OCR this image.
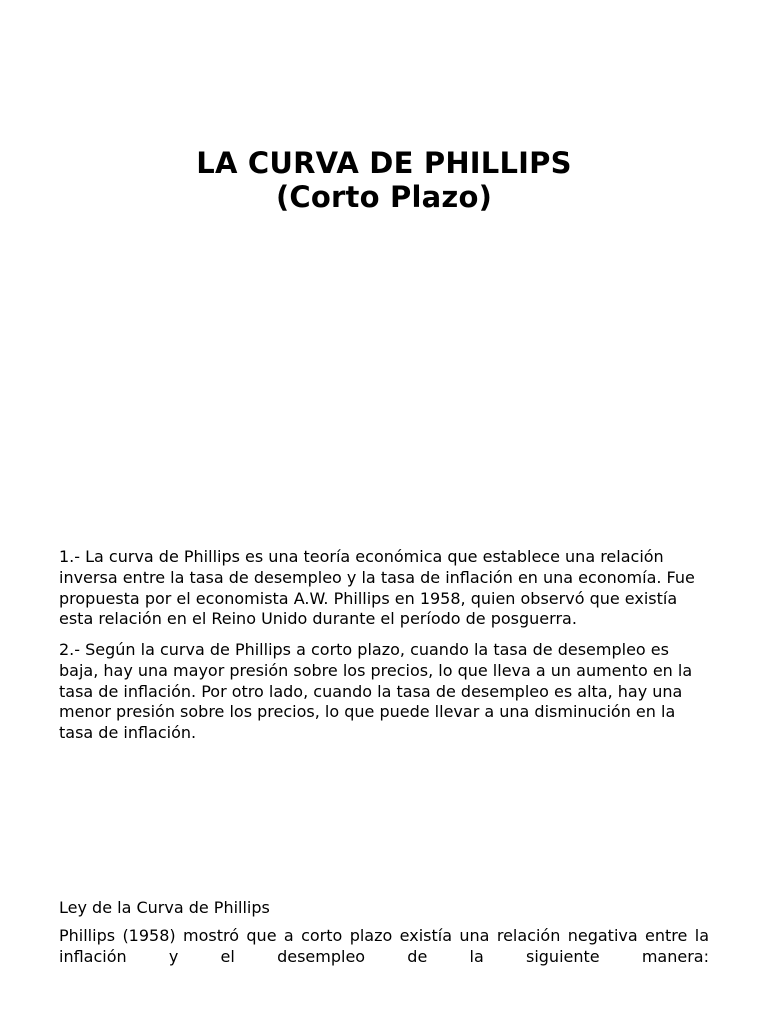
LA CURVA DE PHILLIPS
(Corto Plazo)

1.- La curva de Phillips es una teoría económica que establece una relación inversa entre la tasa de desempleo y la tasa de inflación en una economía. Fue propuesta por el economista A.W. Phillips en 1958, quien observó que existía esta relación en el Reino Unido durante el período de posguerra.

2.- Según la curva de Phillips a corto plazo, cuando la tasa de desempleo es baja, hay una mayor presión sobre los precios, lo que lleva a un aumento en la tasa de inflación. Por otro lado, cuando la tasa de desempleo es alta, hay una menor presión sobre los precios, lo que puede llevar a una disminución en la tasa de inflación.

Ley de la Curva de Phillips

Phillips (1958) mostró que a corto plazo existía una relación negativa entre la inflación y el desempleo de la siguiente manera:
